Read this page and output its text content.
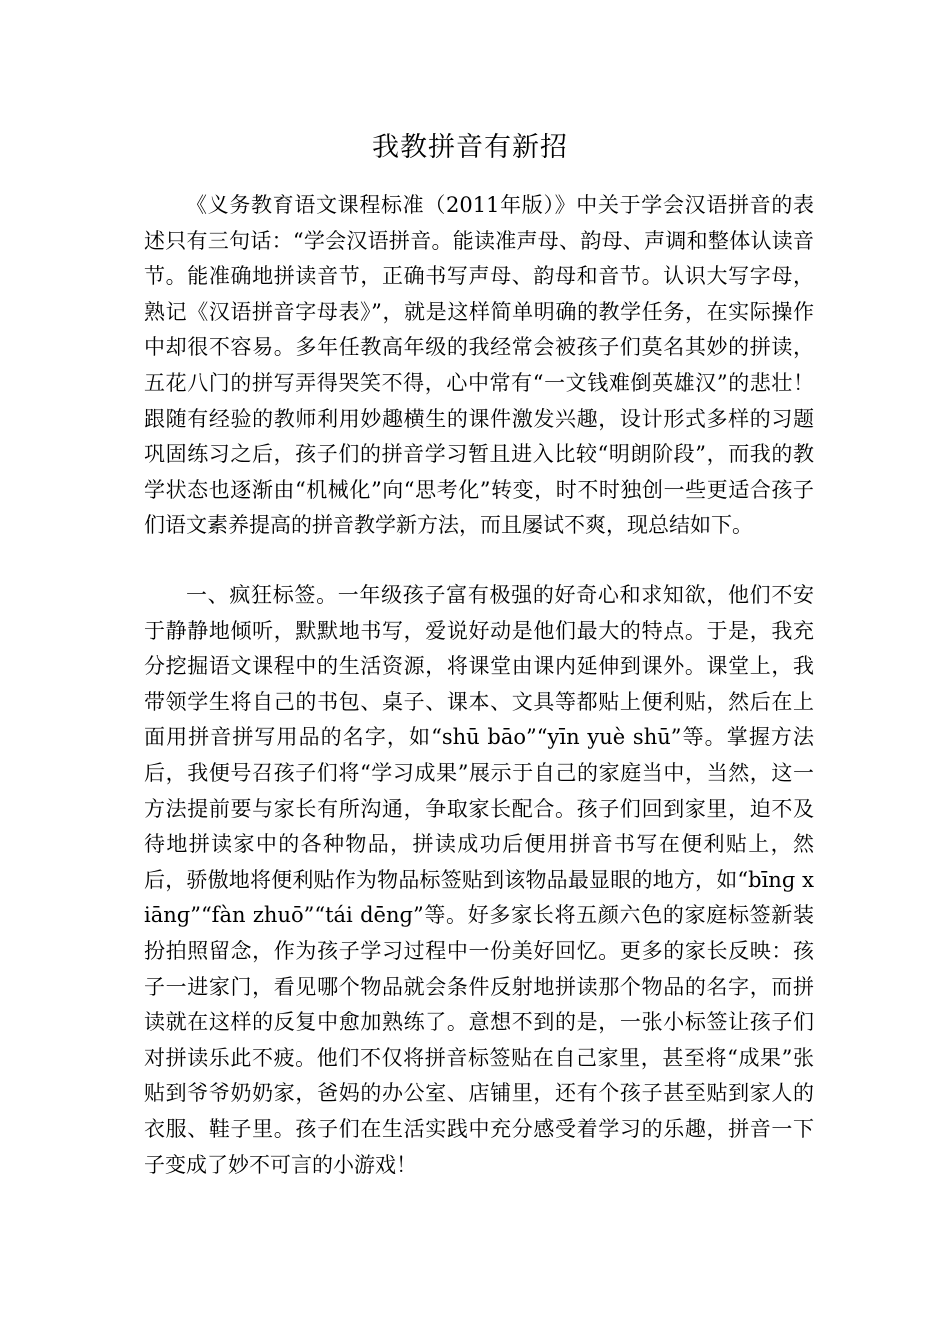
我教拼音有新招

《义务教育语文课程标准（2011年版）》中关于学会汉语拼音的表述只有三句话：“学会汉语拼音。能读准声母、韵母、声调和整体认读音节。能准确地拼读音节，正确书写声母、韵母和音节。认识大写字母，熟记《汉语拼音字母表》”，就是这样简单明确的教学任务，在实际操作中却很不容易。多年任教高年级的我经常会被孩子们莫名其妙的拼读，五花八门的拼写弄得哭笑不得，心中常有“一文钱难倒英雄汉”的悲壮！跟随有经验的教师利用妙趣横生的课件激发兴趣，设计形式多样的习题巩固练习之后，孩子们的拼音学习暂且进入比较“明朗阶段”，而我的教学状态也逐渐由“机械化”向“思考化”转变，时不时独创一些更适合孩子们语文素养提高的拼音教学新方法，而且屡试不爽，现总结如下。

一、疯狂标签。一年级孩子富有极强的好奇心和求知欲，他们不安于静静地倾听，默默地书写，爱说好动是他们最大的特点。于是，我充分挖掘语文课程中的生活资源，将课堂由课内延伸到课外。课堂上，我带领学生将自己的书包、桌子、课本、文具等都贴上便利贴，然后在上面用拼音拼写用品的名字，如“shū bāo”“yīn yuè shū”等。掌握方法后，我便号召孩子们将“学习成果”展示于自己的家庭当中，当然，这一方法提前要与家长有所沟通，争取家长配合。孩子们回到家里，迫不及待地拼读家中的各种物品，拼读成功后便用拼音书写在便利贴上，然后，骄傲地将便利贴作为物品标签贴到该物品最显眼的地方，如“bīnɡ xiānɡ”“fàn zhuō”“tái dēnɡ”等。好多家长将五颜六色的家庭标签新装扮拍照留念，作为孩子学习过程中一份美好回忆。更多的家长反映：孩子一进家门，看见哪个物品就会条件反射地拼读那个物品的名字，而拼读就在这样的反复中愈加熟练了。意想不到的是，一张小标签让孩子们对拼读乐此不疲。他们不仅将拼音标签贴在自己家里，甚至将“成果”张贴到爷爷奶奶家，爸妈的办公室、店铺里，还有个孩子甚至贴到家人的衣服、鞋子里。孩子们在生活实践中充分感受着学习的乐趣，拼音一下子变成了妙不可言的小游戏！
